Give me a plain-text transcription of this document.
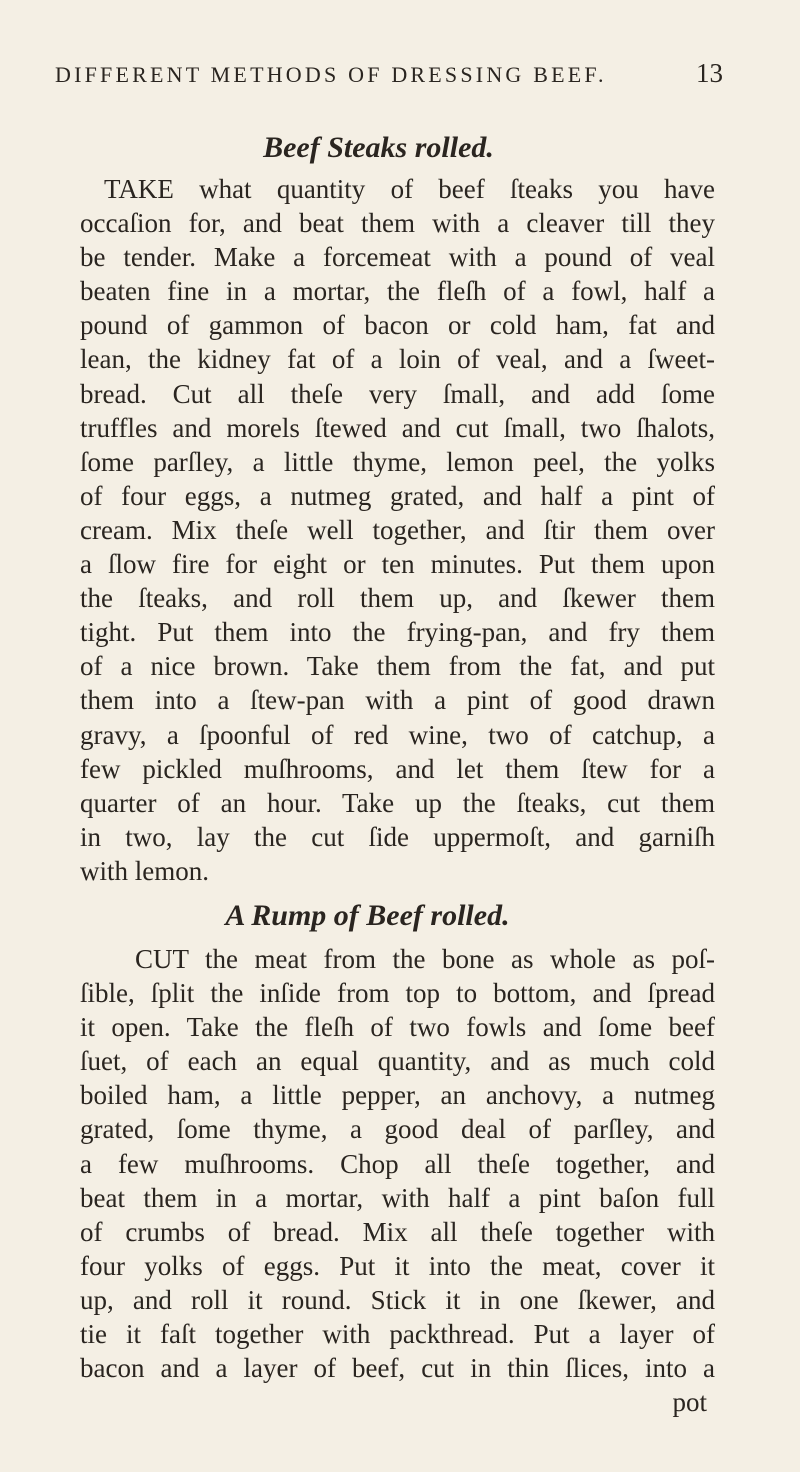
DIFFERENT METHODS OF DRESSING BEEF.	13
Beef Steaks rolled.
TAKE what quantity of beef ſteaks you have
occaſion for, and beat them with a cleaver till they
be tender. Make a forcemeat with a pound of veal
beaten fine in a mortar, the fleſh of a fowl, half a
pound of gammon of bacon or cold ham, fat and
lean, the kidney fat of a loin of veal, and a ſweet-
bread. Cut all theſe very ſmall, and add ſome
truffles and morels ſtewed and cut ſmall, two ſhalots,
ſome parſley, a little thyme, lemon peel, the yolks
of four eggs, a nutmeg grated, and half a pint of
cream. Mix theſe well together, and ſtir them over
a ſlow fire for eight or ten minutes. Put them upon
the ſteaks, and roll them up, and ſkewer them
tight. Put them into the frying-pan, and fry them
of a nice brown. Take them from the fat, and put
them into a ſtew-pan with a pint of good drawn
gravy, a ſpoonful of red wine, two of catchup, a
few pickled muſhrooms, and let them ſtew for a
quarter of an hour. Take up the ſteaks, cut them
in two, lay the cut ſide uppermoſt, and garniſh
with lemon.
A Rump of Beef rolled.
CUT the meat from the bone as whole as poſ-
ſible, ſplit the inſide from top to bottom, and ſpread
it open. Take the fleſh of two fowls and ſome beef
ſuet, of each an equal quantity, and as much cold
boiled ham, a little pepper, an anchovy, a nutmeg
grated, ſome thyme, a good deal of parſley, and
a few muſhrooms. Chop all theſe together, and
beat them in a mortar, with half a pint baſon full
of crumbs of bread. Mix all theſe together with
four yolks of eggs. Put it into the meat, cover it
up, and roll it round. Stick it in one ſkewer, and
tie it faſt together with packthread. Put a layer of
bacon and a layer of beef, cut in thin ſlices, into a
pot
